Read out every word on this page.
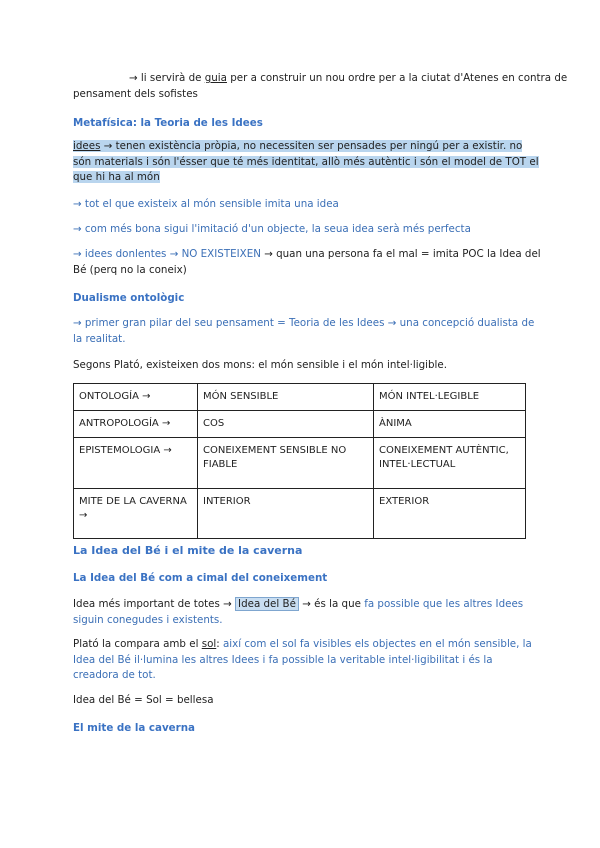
→ li servirà de guia per a construir un nou ordre per a la ciutat d'Atenes en contra de
pensament dels sofistes
Metafísica: la Teoria de les Idees
idees → tenen existència pròpia, no necessiten ser pensades per ningú per a existir. no
són materials i són l'ésser que té més identitat, allò més autèntic i són el model de TOT el
que hi ha al món
→ tot el que existeix al món sensible imita una idea
→ com més bona sigui l'imitació d'un objecte, la seua idea serà més perfecta
→ idees donlentes → NO EXISTEIXEN → quan una persona fa el mal = imita POC la Idea del
Bé (perq no la coneix)
Dualisme ontològic
→ primer gran pilar del seu pensament = Teoria de les Idees → una concepció dualista de
la realitat.
Segons Plató, existeixen dos mons: el món sensible i el món intel·ligible.
ONTOLOGÍA →	MÓN SENSIBLE	MÓN INTEL·LEGIBLE
ANTROPOLOGÍA →	COS	ÀNIMA
EPISTEMOLOGIA →	CONEIXEMENT SENSIBLE NO FIABLE	CONEIXEMENT AUTÈNTIC, INTEL·LECTUAL
MITE DE LA CAVERNA →	INTERIOR	EXTERIOR
La Idea del Bé i el mite de la caverna
La Idea del Bé com a cimal del coneixement
Idea més important de totes → Idea del Bé → és la que fa possible que les altres Idees
siguin conegudes i existents.
Plató la compara amb el sol: així com el sol fa visibles els objectes en el món sensible, la
Idea del Bé il·lumina les altres Idees i fa possible la veritable intel·ligibilitat i és la
creadora de tot.
Idea del Bé = Sol = bellesa
El mite de la caverna
